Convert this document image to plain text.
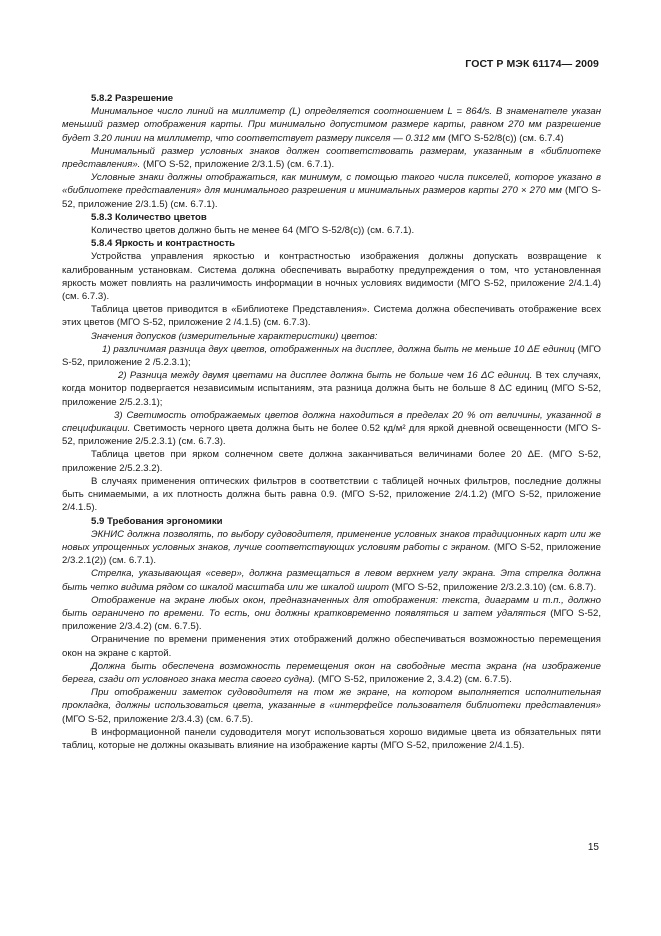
ГОСТ Р МЭК 61174— 2009

5.8.2 Разрешение

Минимальное число линий на миллиметр (L) определяется соотношением L = 864/s. В знаменателе указан меньший размер отображения карты. При минимально допустимом размере карты, равном 270 мм разрешение будет 3.20 линии на миллиметр, что соответствует размеру пикселя — 0.312 мм (МГО S-52/8(с)) (см. 6.7.4)

Минимальный размер условных знаков должен соответствовать размерам, указанным в «библиотеке представления». (МГО S-52, приложение 2/3.1.5) (см. 6.7.1).

Условные знаки должны отображаться, как минимум, с помощью такого числа пикселей, которое указано в «библиотеке представления» для минимального разрешения и минимальных размеров карты 270 × 270 мм (МГО S-52, приложение 2/3.1.5) (см. 6.7.1).

5.8.3 Количество цветов

Количество цветов должно быть не менее 64 (МГО S-52/8(с)) (см. 6.7.1).

5.8.4 Яркость и контрастность

Устройства управления яркостью и контрастностью изображения должны допускать возвращение к калиброванным установкам. Система должна обеспечивать выработку предупреждения о том, что установленная яркость может повлиять на различимость информации в ночных условиях видимости (МГО S-52, приложение 2/4.1.4) (см. 6.7.3).

Таблица цветов приводится в «Библиотеке Представления». Система должна обеспечивать отображение всех этих цветов (МГО S-52, приложение 2 /4.1.5) (см. 6.7.3).

Значения допусков (измерительные характеристики) цветов:

1) различимая разница двух цветов, отображенных на дисплее, должна быть не меньше 10 ΔE единиц (МГО S-52, приложение 2 /5.2.3.1);

2) Разница между двумя цветами на дисплее должна быть не больше чем 16 ΔC единиц. В тех случаях, когда монитор подвергается независимым испытаниям, эта разница должна быть не больше 8 ΔC единиц (МГО S-52, приложение 2/5.2.3.1);

3) Светимость отображаемых цветов должна находиться в пределах 20 % от величины, указанной в спецификации. Светимость черного цвета должна быть не более 0.52 кд/м² для яркой дневной освещенности (МГО S-52, приложение 2/5.2.3.1) (см. 6.7.3).

Таблица цветов при ярком солнечном свете должна заканчиваться величинами более 20 ΔE. (МГО S-52, приложение 2/5.2.3.2).

В случаях применения оптических фильтров в соответствии с таблицей ночных фильтров, последние должны быть снимаемыми, а их плотность должна быть равна 0.9. (МГО S-52, приложение 2/4.1.2) (МГО S-52, приложение 2/4.1.5).

5.9 Требования эргономики

ЭКНИС должна позволять, по выбору судоводителя, применение условных знаков традиционных карт или же новых упрощенных условных знаков, лучше соответствующих условиям работы с экраном. (МГО S-52, приложение 2/3.2.1(2)) (см. 6.7.1).

Стрелка, указывающая «север», должна размещаться в левом верхнем углу экрана. Эта стрелка должна быть четко видима рядом со шкалой масштаба или же шкалой широт (МГО S-52, приложение 2/3.2.3.10) (см. 6.8.7).

Отображение на экране любых окон, предназначенных для отображения: текста, диаграмм и т.п., должно быть ограничено по времени. То есть, они должны кратковременно появляться и затем удаляться (МГО S-52, приложение 2/3.4.2) (см. 6.7.5).

Ограничение по времени применения этих отображений должно обеспечиваться возможностью перемещения окон на экране с картой.

Должна быть обеспечена возможность перемещения окон на свободные места экрана (на изображение берега, сзади от условного знака места своего судна). (МГО S-52, приложение 2, 3.4.2) (см. 6.7.5).

При отображении заметок судоводителя на том же экране, на котором выполняется исполнительная прокладка, должны использоваться цвета, указанные в «интерфейсе пользователя библиотеки представления» (МГО S-52, приложение 2/3.4.3) (см. 6.7.5).

В информационной панели судоводителя могут использоваться хорошо видимые цвета из обязательных пяти таблиц, которые не должны оказывать влияние на изображение карты (МГО S-52, приложение 2/4.1.5).

15
